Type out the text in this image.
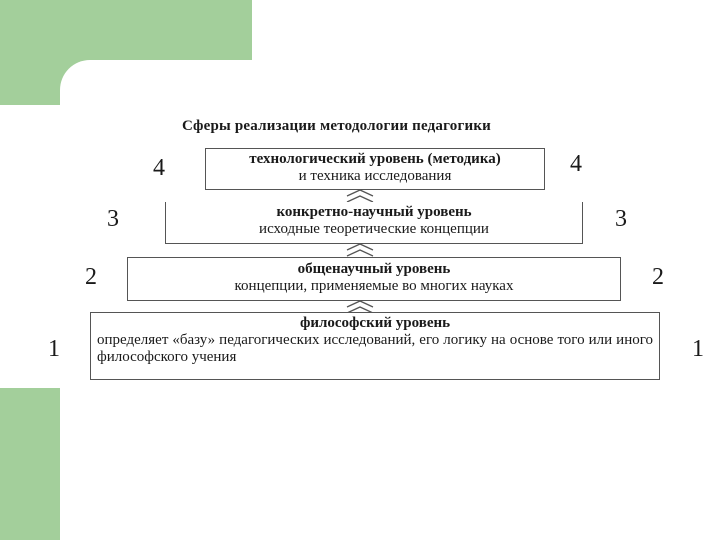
Сферы реализации методологии педагогики
4	4
технологический уровень (методика)
и техника исследования
3	3
конкретно-научный уровень
исходные теоретические концепции
2	2
общенаучный уровень
концепции, применяемые во многих науках
1	1
философский уровень
определяет «базу» педагогических исследований, его логику на основе того или иного философского учения
